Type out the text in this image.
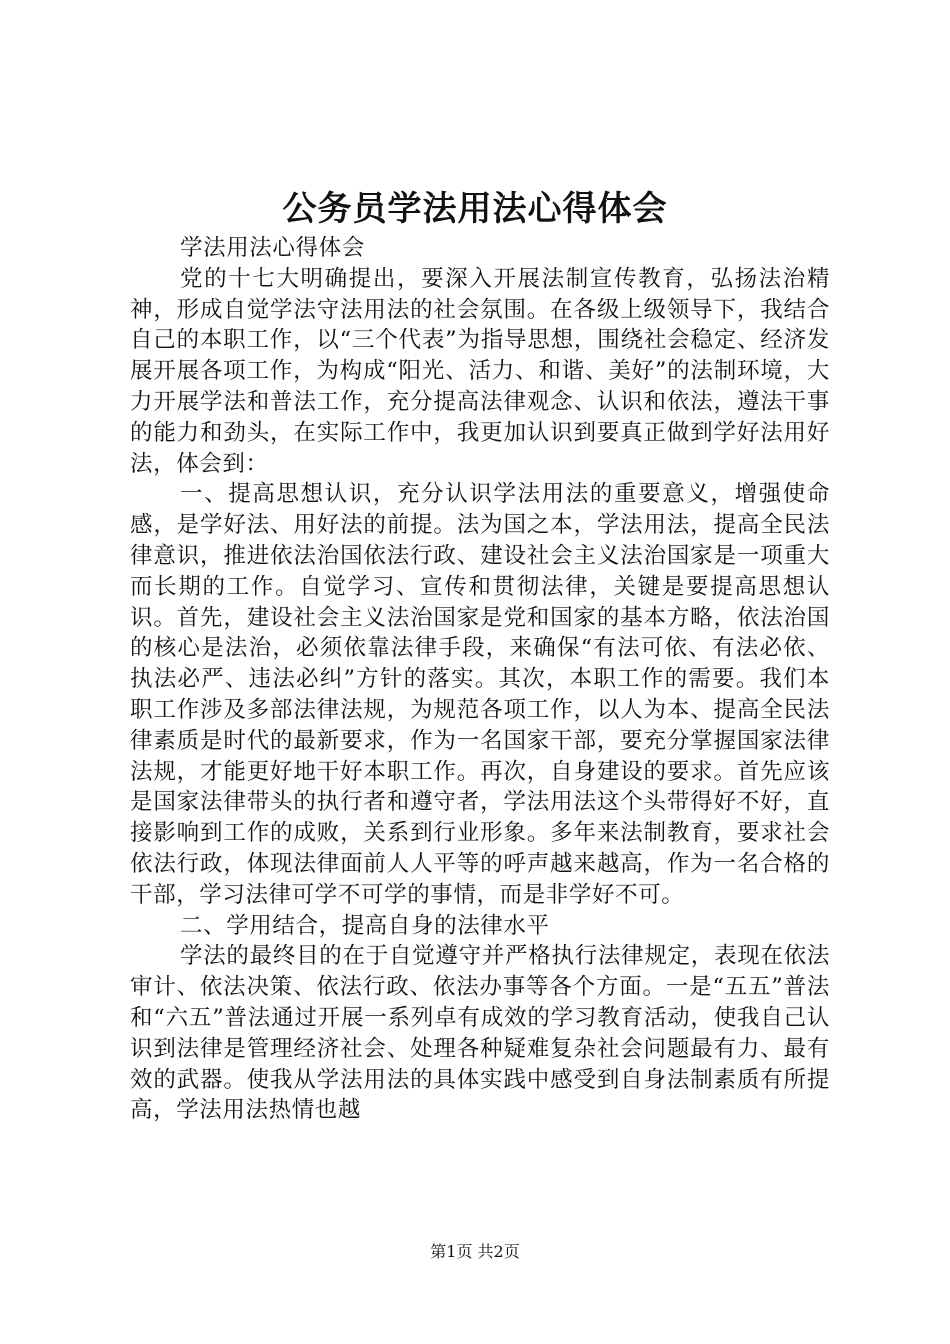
公务员学法用法心得体会

学法用法心得体会

党的十七大明确提出，要深入开展法制宣传教育，弘扬法治精神，形成自觉学法守法用法的社会氛围。在各级上级领导下，我结合自己的本职工作，以“三个代表”为指导思想，围绕社会稳定、经济发展开展各项工作，为构成“阳光、活力、和谐、美好”的法制环境，大力开展学法和普法工作，充分提高法律观念、认识和依法，遵法干事的能力和劲头，在实际工作中，我更加认识到要真正做到学好法用好法，体会到：

一、提高思想认识，充分认识学法用法的重要意义，增强使命感，是学好法、用好法的前提。法为国之本，学法用法，提高全民法律意识，推进依法治国依法行政、建设社会主义法治国家是一项重大而长期的工作。自觉学习、宣传和贯彻法律，关键是要提高思想认识。首先，建设社会主义法治国家是党和国家的基本方略，依法治国的核心是法治，必须依靠法律手段，来确保“有法可依、有法必依、执法必严、违法必纠”方针的落实。其次，本职工作的需要。我们本职工作涉及多部法律法规，为规范各项工作，以人为本、提高全民法律素质是时代的最新要求，作为一名国家干部，要充分掌握国家法律法规，才能更好地干好本职工作。再次，自身建设的要求。首先应该是国家法律带头的执行者和遵守者，学法用法这个头带得好不好，直接影响到工作的成败，关系到行业形象。多年来法制教育，要求社会依法行政，体现法律面前人人平等的呼声越来越高，作为一名合格的干部，学习法律可学不可学的事情，而是非学好不可。

二、学用结合，提高自身的法律水平

学法的最终目的在于自觉遵守并严格执行法律规定，表现在依法审计、依法决策、依法行政、依法办事等各个方面。一是“五五”普法和“六五”普法通过开展一系列卓有成效的学习教育活动，使我自己认识到法律是管理经济社会、处理各种疑难复杂社会问题最有力、最有效的武器。使我从学法用法的具体实践中感受到自身法制素质有所提高，学法用法热情也越

第1页 共2页
